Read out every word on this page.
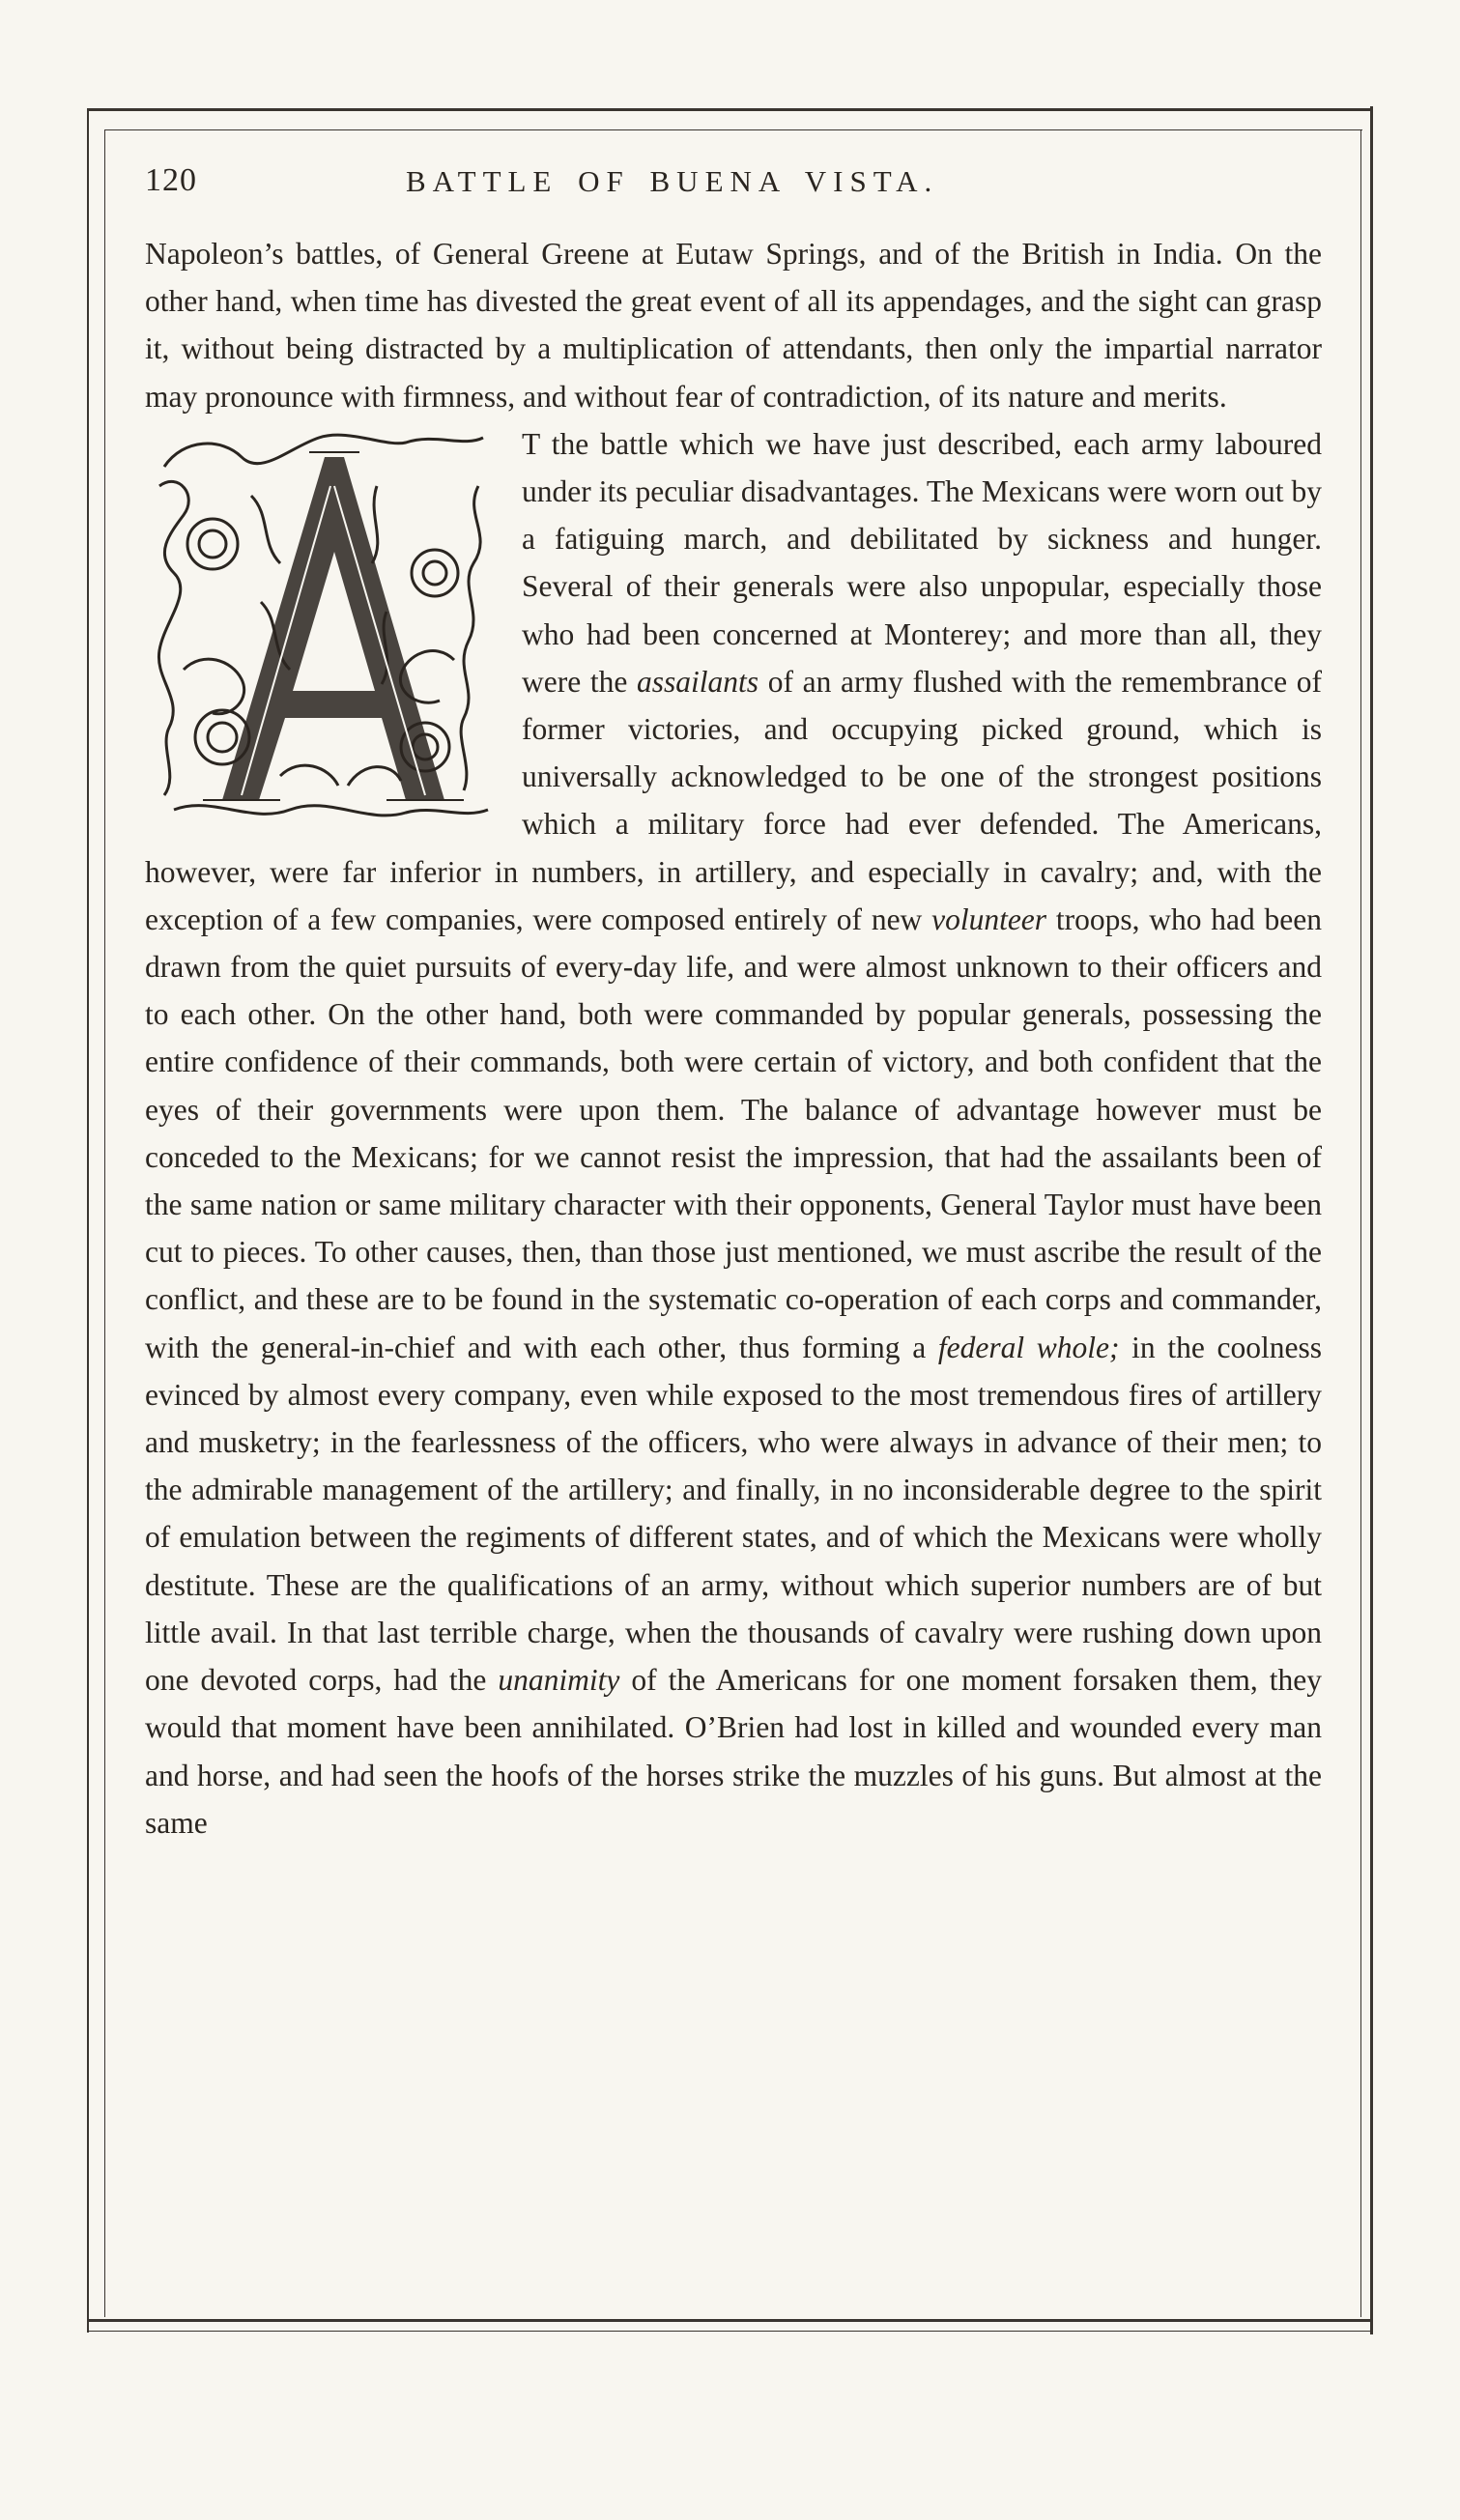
120	BATTLE OF BUENA VISTA.

Napoleon’s battles, of General Greene at Eutaw Springs, and of the British in India. On the other hand, when time has divested the great event of all its appendages, and the sight can grasp it, without being distracted by a multiplication of attendants, then only the impartial narrator may pronounce with firmness, and without fear of contradiction, of its nature and merits.

T the battle which we have just described, each army laboured under its peculiar disadvantages. The Mexicans were worn out by a fatiguing march, and debilitated by sickness and hunger. Several of their generals were also unpopular, especially those who had been concerned at Monterey; and more than all, they were the assailants of an army flushed with the remembrance of former victories, and occupying picked ground, which is universally acknowledged to be one of the strongest positions which a military force had ever defended. The Americans, however, were far inferior in numbers, in artillery, and especially in cavalry; and, with the exception of a few companies, were composed entirely of new volunteer troops, who had been drawn from the quiet pursuits of every-day life, and were almost unknown to their officers and to each other. On the other hand, both were commanded by popular generals, possessing the entire confidence of their commands, both were certain of victory, and both confident that the eyes of their governments were upon them. The balance of advantage however must be conceded to the Mexicans; for we cannot resist the impression, that had the assailants been of the same nation or same military character with their opponents, General Taylor must have been cut to pieces. To other causes, then, than those just mentioned, we must ascribe the result of the conflict, and these are to be found in the systematic co-operation of each corps and commander, with the general-in-chief and with each other, thus forming a federal whole; in the coolness evinced by almost every company, even while exposed to the most tremendous fires of artillery and musketry; in the fearlessness of the officers, who were always in advance of their men; to the admirable management of the artillery; and finally, in no inconsiderable degree to the spirit of emulation between the regiments of different states, and of which the Mexicans were wholly destitute. These are the qualifications of an army, without which superior numbers are of but little avail. In that last terrible charge, when the thousands of cavalry were rushing down upon one devoted corps, had the unanimity of the Americans for one moment forsaken them, they would that moment have been annihilated. O’Brien had lost in killed and wounded every man and horse, and had seen the hoofs of the horses strike the muzzles of his guns. But almost at the same
